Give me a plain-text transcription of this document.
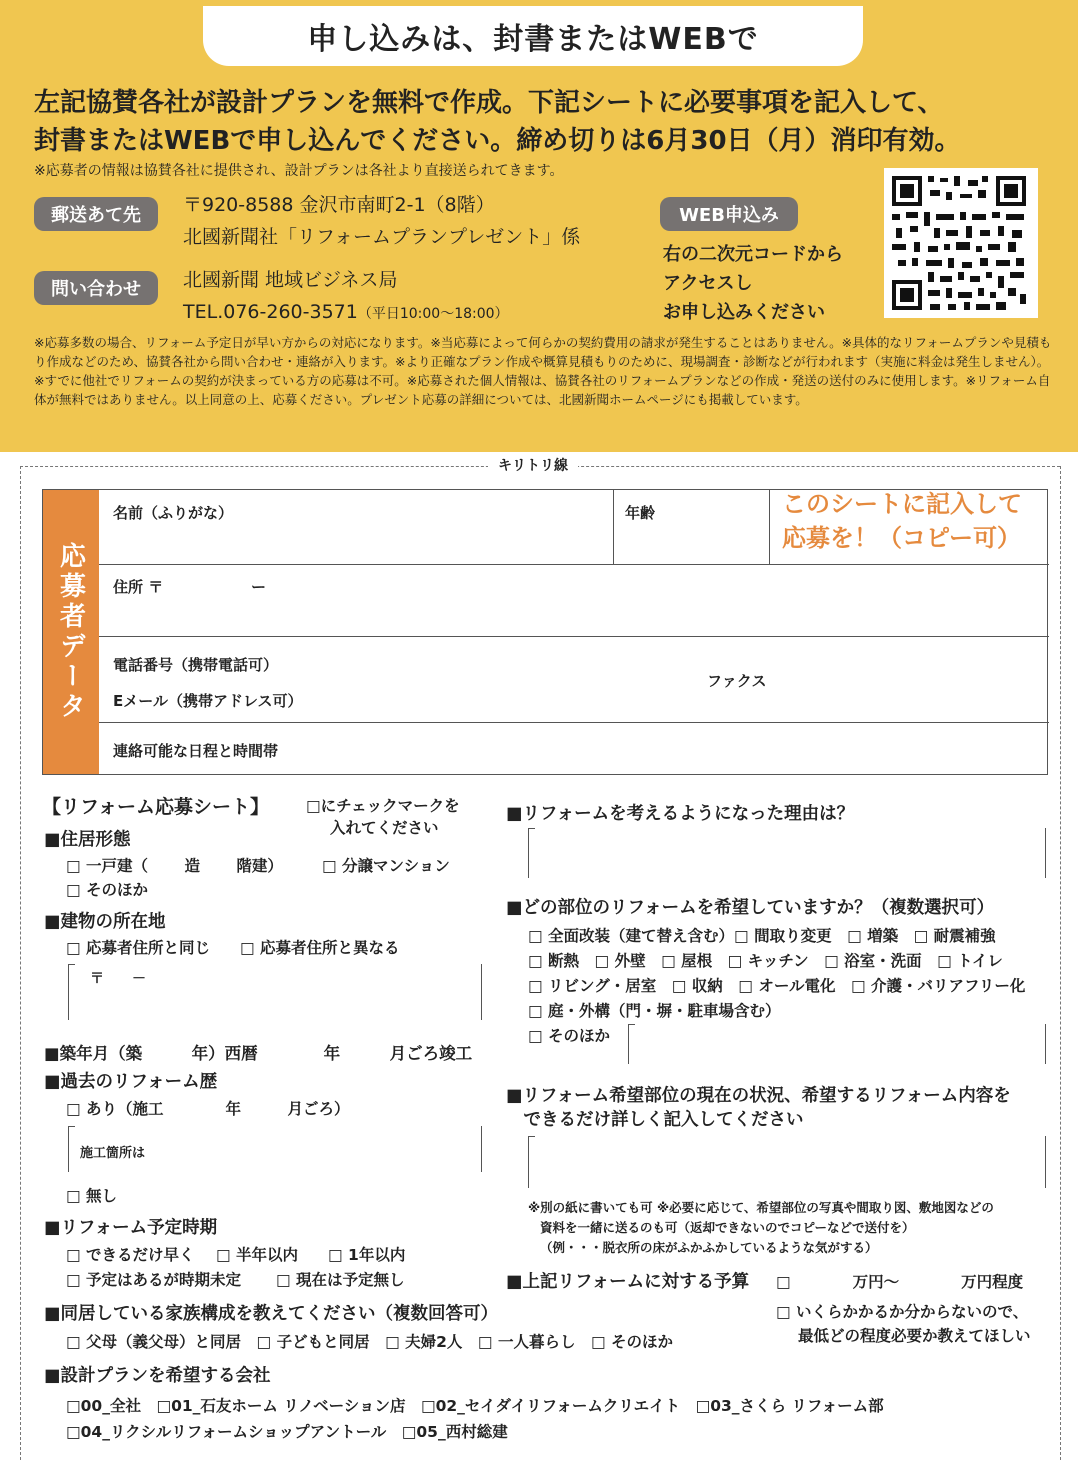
申し込みは、封書またはWEBで
左記協賛各社が設計プランを無料で作成。下記シートに必要事項を記入して、
封書またはWEBで申し込んでください。締め切りは6月30日（月）消印有効。
※応募者の情報は協賛各社に提供され、設計プランは各社より直接送られてきます。
郵送あて先	〒920-8588 金沢市南町2-1（8階）
北國新聞社「リフォームプランプレゼント」係
問い合わせ	北國新聞 地域ビジネス局
TEL.076-260-3571（平日10:00〜18:00）
WEB申込み
右の二次元コードから
アクセスし
お申し込みください
※応募多数の場合、リフォーム予定日が早い方からの対応になります。※当応募によって何らかの契約費用の請求が発生することはありません。※具体的なリフォームプランや見積もり作成などのため、協賛各社から問い合わせ・連絡が入ります。※より正確なプラン作成や概算見積もりのために、現場調査・診断などが行われます（実施に料金は発生しません）。※すでに他社でリフォームの契約が決まっている方の応募は不可。※応募された個人情報は、協賛各社のリフォームプランなどの作成・発送の送付のみに使用します。※リフォーム自体が無料ではありません。以上同意の上、応募ください。プレゼント応募の詳細については、北國新聞ホームページにも掲載しています。
キリトリ線
応募者データ
名前（ふりがな）	年齢
住所 〒	ー
電話番号（携帯電話可）
ファクス
Eメール（携帯アドレス可）
連絡可能な日程と時間帯
このシートに記入して
応募を！（コピー可）
【リフォーム応募シート】 □にチェックマークを
入れてください
■住居形態
□ 一戸建（　　 造　　 階建）	□ 分譲マンション
□ そのほか
■建物の所在地
□ 応募者住所と同じ □ 応募者住所と異なる
〒　　－
■築年月（築　　　年）西暦　　　　年　　　月ごろ竣工
■過去のリフォーム歴
□ あり（施工　　　　年　　　月ごろ）
施工箇所は
□ 無し
■リフォーム予定時期
□ できるだけ早く □ 半年以内 □ 1年以内
□ 予定はあるが時期未定 □ 現在は予定無し
■同居している家族構成を教えてください（複数回答可）
□ 父母（義父母）と同居　□ 子どもと同居　□ 夫婦2人　□ 一人暮らし　□ そのほか
■設計プランを希望する会社
□00_全社　□01_石友ホーム リノベーション店　□02_セイダイリフォームクリエイト　□03_さくら リフォーム部
□04_リクシルリフォームショップアントール　□05_西村総建
■リフォームを考えるようになった理由は？
■どの部位のリフォームを希望していますか？（複数選択可）
□ 全面改装（建て替え含む）□ 間取り変更　□ 増築　□ 耐震補強
□ 断熱　□ 外壁　□ 屋根　□ キッチン　□ 浴室・洗面　□ トイレ
□ リビング・居室　□ 収納　□ オール電化　□ 介護・バリアフリー化
□ 庭・外構（門・塀・駐車場含む）
□ そのほか
■リフォーム希望部位の現在の状況、希望するリフォーム内容を
　できるだけ詳しく記入してください
※別の紙に書いても可 ※必要に応じて、希望部位の写真や間取り図、敷地図などの
資料を一緒に送るのも可（返却できないのでコピーなどで送付を）
（例・・・脱衣所の床がふかふかしているような気がする）
■上記リフォームに対する予算 □　　　　万円〜　　　　万円程度
□ いくらかかるか分からないので、
最低どの程度必要か教えてほしい
